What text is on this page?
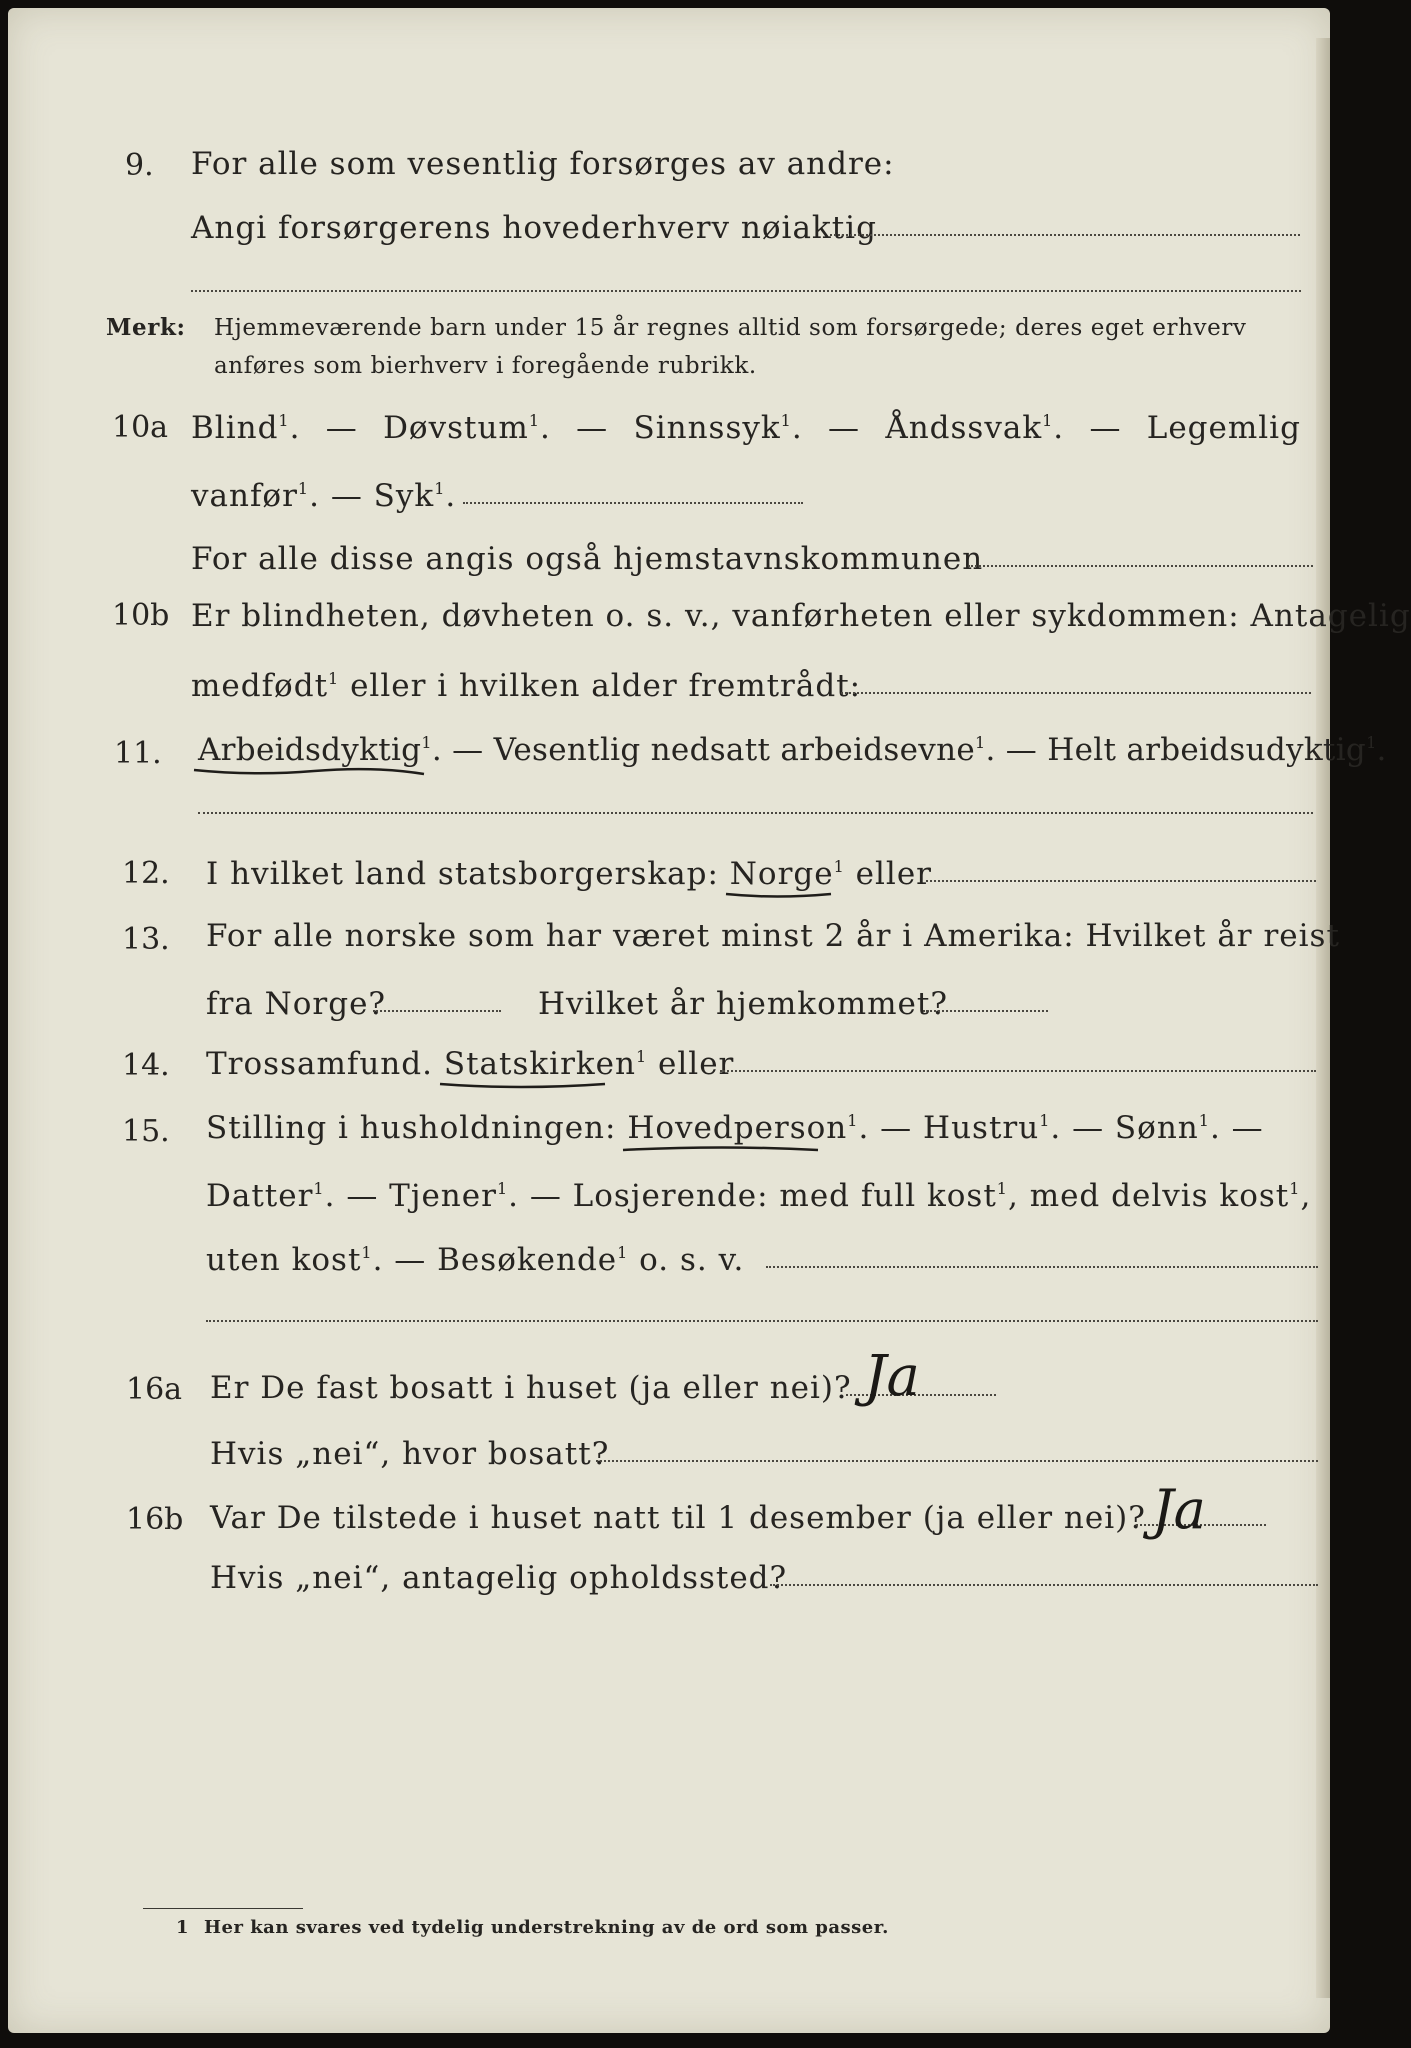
9. For alle som vesentlig forsørges av andre:
Angi forsørgerens hovederhverv nøiaktig
Merk: Hjemmeværende barn under 15 år regnes alltid som forsørgede; deres eget erhverv
anføres som bierhverv i foregående rubrikk.
10a Blind$^1$. — Døvstum$^1$. — Sinnssyk$^1$. — Åndssvak$^1$. — Legemlig
vanfør$^1$. — Syk$^1$.
For alle disse angis også hjemstavnskommunen
10b Er blindheten, døvheten o. s. v., vanførheten eller sykdommen: Antagelig
medfødt$^1$ eller i hvilken alder fremtrådt:
11. Arbeidsdyktig$^1$
. — Vesentlig nedsatt arbeidsevne$^1$. — Helt arbeidsudyktig$^1$.
12. I hvilket land statsborgerskap: Norge
$^1$ eller
13. For alle norske som har været minst 2 år i Amerika: Hvilket år reist
fra Norge?	Hvilket år hjemkommet?
14. Trossamfund. Statskirken
$^1$ eller
15. Stilling i husholdningen: Hovedperson
$^1$. — Hustru$^1$. — Sønn$^1$. —
Datter$^1$. — Tjener$^1$. — Losjerende: med full kost$^1$, med delvis kost$^1$,
uten kost$^1$. — Besøkende$^1$ o. s. v.
16a Er De fast bosatt i huset (ja eller nei)? Ja
Hvis „nei“, hvor bosatt?
16b Var De tilstede i huset natt til 1 desember (ja eller nei)? Ja
Hvis „nei“, antagelig opholdssted?
1 Her kan svares ved tydelig understrekning av de ord som passer.
